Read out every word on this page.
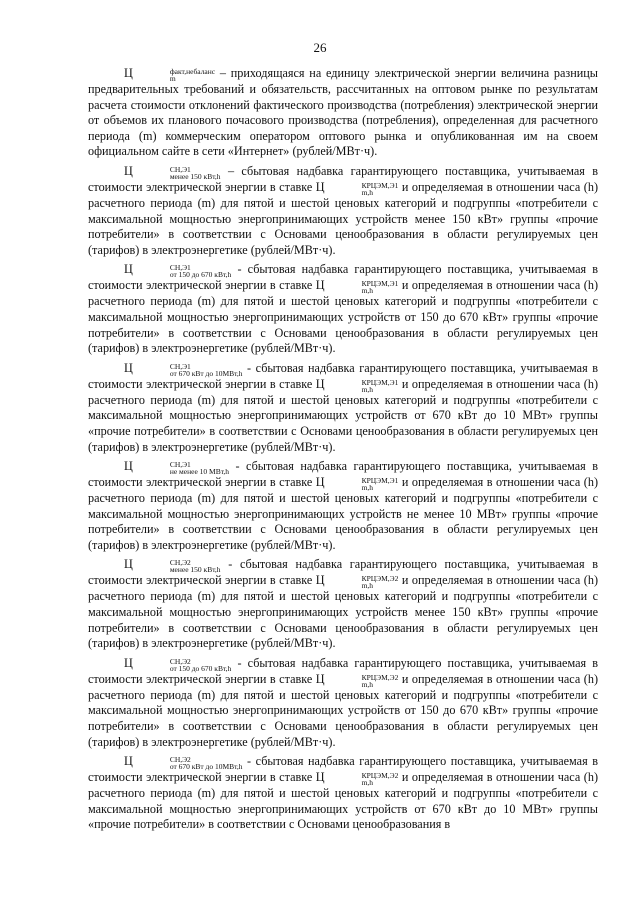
26

Ц	факт,небаланс
m	– приходящаяся на единицу электрической энергии величина разницы предварительных требований и обязательств, рассчитанных на оптовом рынке по результатам расчета стоимости отклонений фактического производства (потребления) электрической энергии от объемов их планового почасового производства (потребления), определенная для расчетного периода (m) коммерческим оператором оптового рынка и опубликованная им на своем официальном сайте в сети «Интернет» (рублей/МВт·ч).

Ц	СН,Э1
менее 150 кВт,h – сбытовая надбавка гарантирующего поставщика, учитываемая в стоимости электрической энергии в ставке Ц	КРЦЭМ,Э1
m,h	и определяемая в отношении часа (h) расчетного периода (m) для пятой и шестой ценовых категорий и подгруппы «потребители с максимальной мощностью энергопринимающих устройств менее 150 кВт» группы «прочие потребители» в соответствии с Основами ценообразования в области регулируемых цен (тарифов) в электроэнергетике (рублей/МВт·ч).

Ц	СН,Э1
от 150 до 670 кВт,h - сбытовая надбавка гарантирующего поставщика, учитываемая в стоимости электрической энергии в ставке Ц	КРЦЭМ,Э1
m,h	и определяемая в отношении часа (h) расчетного периода (m) для пятой и шестой ценовых категорий и подгруппы «потребители с максимальной мощностью энергопринимающих устройств от 150 до 670 кВт» группы «прочие потребители» в соответствии с Основами ценообразования в области регулируемых цен (тарифов) в электроэнергетике (рублей/МВт·ч).

Ц	СН,Э1
от 670 кВт до 10МВт,h - сбытовая надбавка гарантирующего поставщика, учитываемая в стоимости электрической энергии в ставке Ц	КРЦЭМ,Э1
m,h	и определяемая в отношении часа (h) расчетного периода (m) для пятой и шестой ценовых категорий и подгруппы «потребители с максимальной мощностью энергопринимающих устройств от 670 кВт до 10 МВт» группы «прочие потребители» в соответствии с Основами ценообразования в области регулируемых цен (тарифов) в электроэнергетике (рублей/МВт·ч).

Ц	СН,Э1
не менее 10 МВт,h - сбытовая надбавка гарантирующего поставщика, учитываемая в стоимости электрической энергии в ставке Ц	КРЦЭМ,Э1
m,h	и определяемая в отношении часа (h) расчетного периода (m) для пятой и шестой ценовых категорий и подгруппы «потребители с максимальной мощностью энергопринимающих устройств не менее 10 МВт» группы «прочие потребители» в соответствии с Основами ценообразования в области регулируемых цен (тарифов) в электроэнергетике (рублей/МВт·ч).

Ц	СН,Э2
менее 150 кВт,h - сбытовая надбавка гарантирующего поставщика, учитываемая в стоимости электрической энергии в ставке Ц	КРЦЭМ,Э2
m,h	и определяемая в отношении часа (h) расчетного периода (m) для пятой и шестой ценовых категорий и подгруппы «потребители с максимальной мощностью энергопринимающих устройств менее 150 кВт» группы «прочие потребители» в соответствии с Основами ценообразования в области регулируемых цен (тарифов) в электроэнергетике (рублей/МВт·ч).

Ц	СН,Э2
от 150 до 670 кВт,h - сбытовая надбавка гарантирующего поставщика, учитываемая в стоимости электрической энергии в ставке Ц	КРЦЭМ,Э2
m,h	и определяемая в отношении часа (h) расчетного периода (m) для пятой и шестой ценовых категорий и подгруппы «потребители с максимальной мощностью энергопринимающих устройств от 150 до 670 кВт» группы «прочие потребители» в соответствии с Основами ценообразования в области регулируемых цен (тарифов) в электроэнергетике (рублей/МВт·ч).

Ц	СН,Э2
от 670 кВт до 10МВт,h - сбытовая надбавка гарантирующего поставщика, учитываемая в стоимости электрической энергии в ставке Ц	КРЦЭМ,Э2
m,h	и определяемая в отношении часа (h) расчетного периода (m) для пятой и шестой ценовых категорий и подгруппы «потребители с максимальной мощностью энергопринимающих устройств от 670 кВт до 10 МВт» группы «прочие потребители» в соответствии с Основами ценообразования в
